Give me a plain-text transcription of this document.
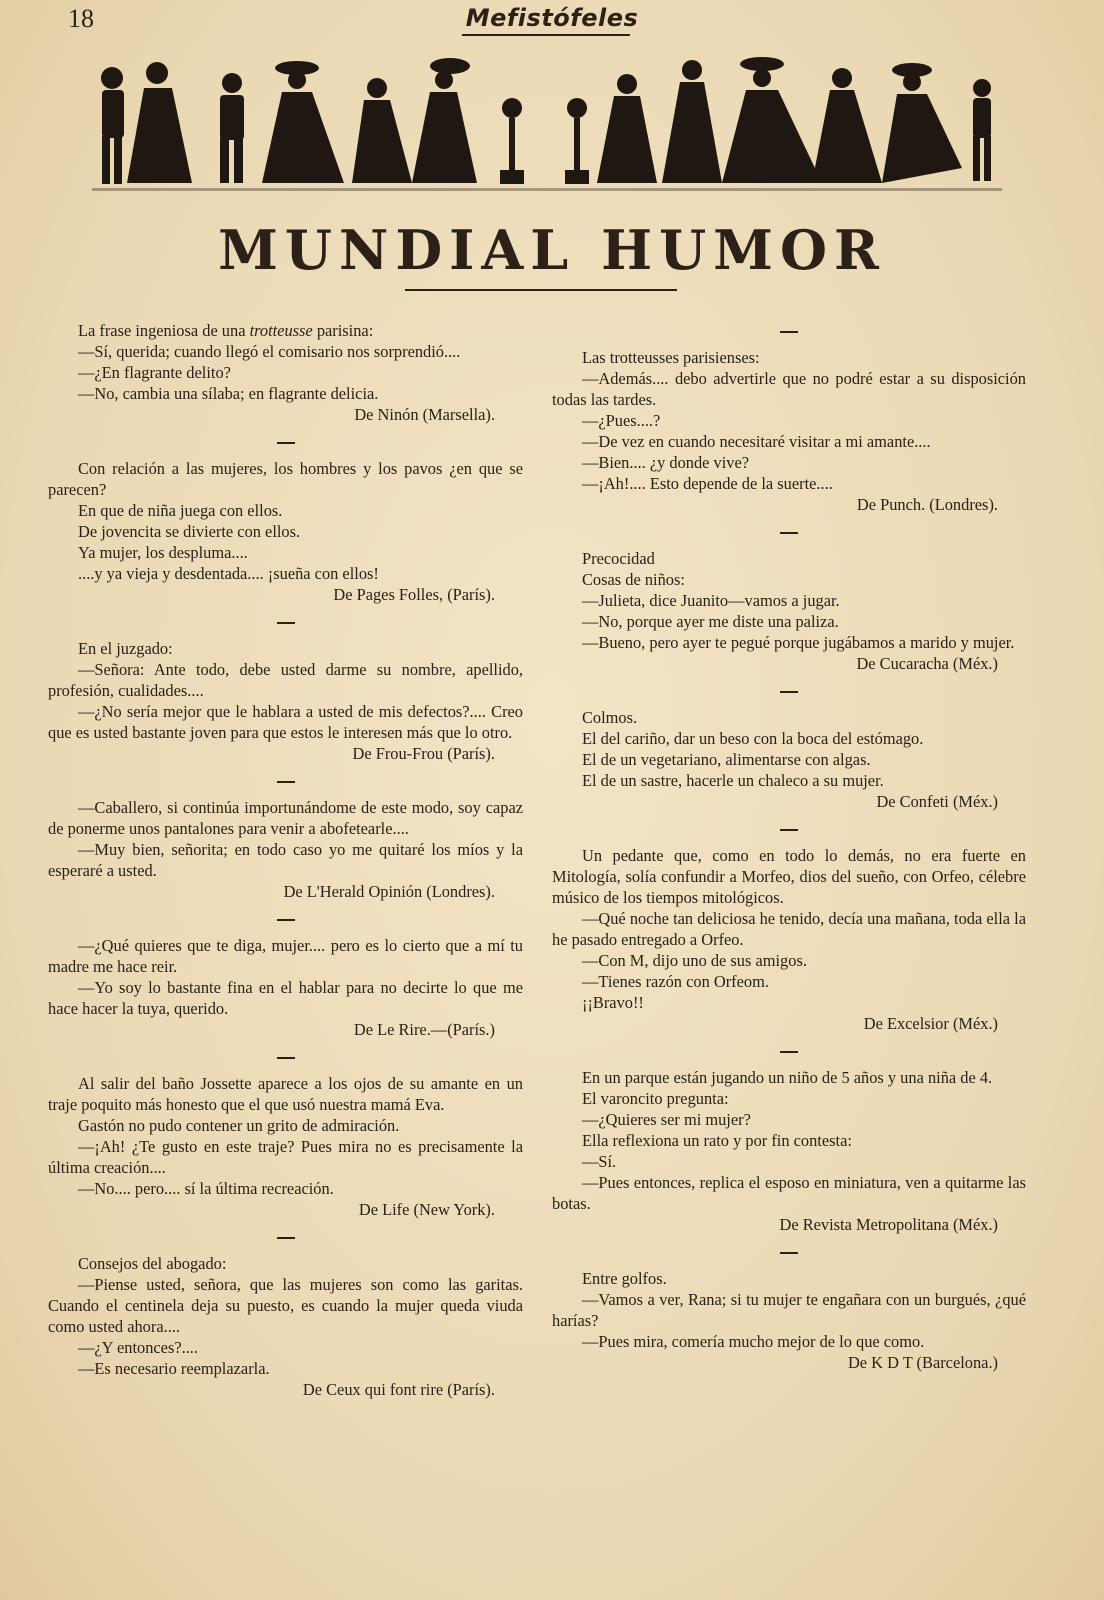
18	Mefistófeles
MUNDIAL HUMOR

La frase ingeniosa de una trotteusse parisina:

—Sí, querida; cuando llegó el comisario nos sorprendió....

—¿En flagrante delito?

—No, cambia una sílaba; en flagrante delicia.

De Ninón (Marsella).

Con relación a las mujeres, los hombres y los pavos ¿en que se parecen?

En que de niña juega con ellos.

De jovencita se divierte con ellos.

Ya mujer, los despluma....

....y ya vieja y desdentada.... ¡sueña con ellos!

De Pages Folles, (París).

En el juzgado:

—Señora: Ante todo, debe usted darme su nombre, apellido, profesión, cualidades....

—¿No sería mejor que le hablara a usted de mis defectos?.... Creo que es usted bastante joven para que estos le interesen más que lo otro.

De Frou-Frou (París).

—Caballero, si continúa importunándome de este modo, soy capaz de ponerme unos pantalones para venir a abofetearle....

—Muy bien, señorita; en todo caso yo me quitaré los míos y la esperaré a usted.

De L'Herald Opinión (Londres).

—¿Qué quieres que te diga, mujer.... pero es lo cierto que a mí tu madre me hace reir.

—Yo soy lo bastante fina en el hablar para no decirte lo que me hace hacer la tuya, querido.

De Le Rire.—(París.)

Al salir del baño Jossette aparece a los ojos de su amante en un traje poquito más honesto que el que usó nuestra mamá Eva.

Gastón no pudo contener un grito de admiración.

—¡Ah! ¿Te gusto en este traje? Pues mira no es precisamente la última creación....

—No.... pero.... sí la última recreación.

De Life (New York).

Consejos del abogado:

—Piense usted, señora, que las mujeres son como las garitas. Cuando el centinela deja su puesto, es cuando la mujer queda viuda como usted ahora....

—¿Y entonces?....

—Es necesario reemplazarla.

De Ceux qui font rire (París).

Las trotteusses parisienses:

—Además.... debo advertirle que no podré estar a su disposición todas las tardes.

—¿Pues....?

—De vez en cuando necesitaré visitar a mi amante....

—Bien.... ¿y donde vive?

—¡Ah!.... Esto depende de la suerte....

De Punch. (Londres).

Precocidad

Cosas de niños:

—Julieta, dice Juanito—vamos a jugar.

—No, porque ayer me diste una paliza.

—Bueno, pero ayer te pegué porque jugábamos a marido y mujer.

De Cucaracha (Méx.)

Colmos.

El del cariño, dar un beso con la boca del estómago.

El de un vegetariano, alimentarse con algas.

El de un sastre, hacerle un chaleco a su mujer.

De Confeti (Méx.)

Un pedante que, como en todo lo demás, no era fuerte en Mitología, solía confundir a Morfeo, dios del sueño, con Orfeo, célebre músico de los tiempos mitológicos.

—Qué noche tan deliciosa he tenido, decía una mañana, toda ella la he pasado entregado a Orfeo.

—Con M, dijo uno de sus amigos.

—Tienes razón con Orfeom.

¡¡Bravo!!

De Excelsior (Méx.)

En un parque están jugando un niño de 5 años y una niña de 4.

El varoncito pregunta:

—¿Quieres ser mi mujer?

Ella reflexiona un rato y por fin contesta:

—Sí.

—Pues entonces, replica el esposo en miniatura, ven a quitarme las botas.

De Revista Metropolitana (Méx.)

Entre golfos.

—Vamos a ver, Rana; si tu mujer te engañara con un burgués, ¿qué harías?

—Pues mira, comería mucho mejor de lo que como.

De K D T (Barcelona.)
